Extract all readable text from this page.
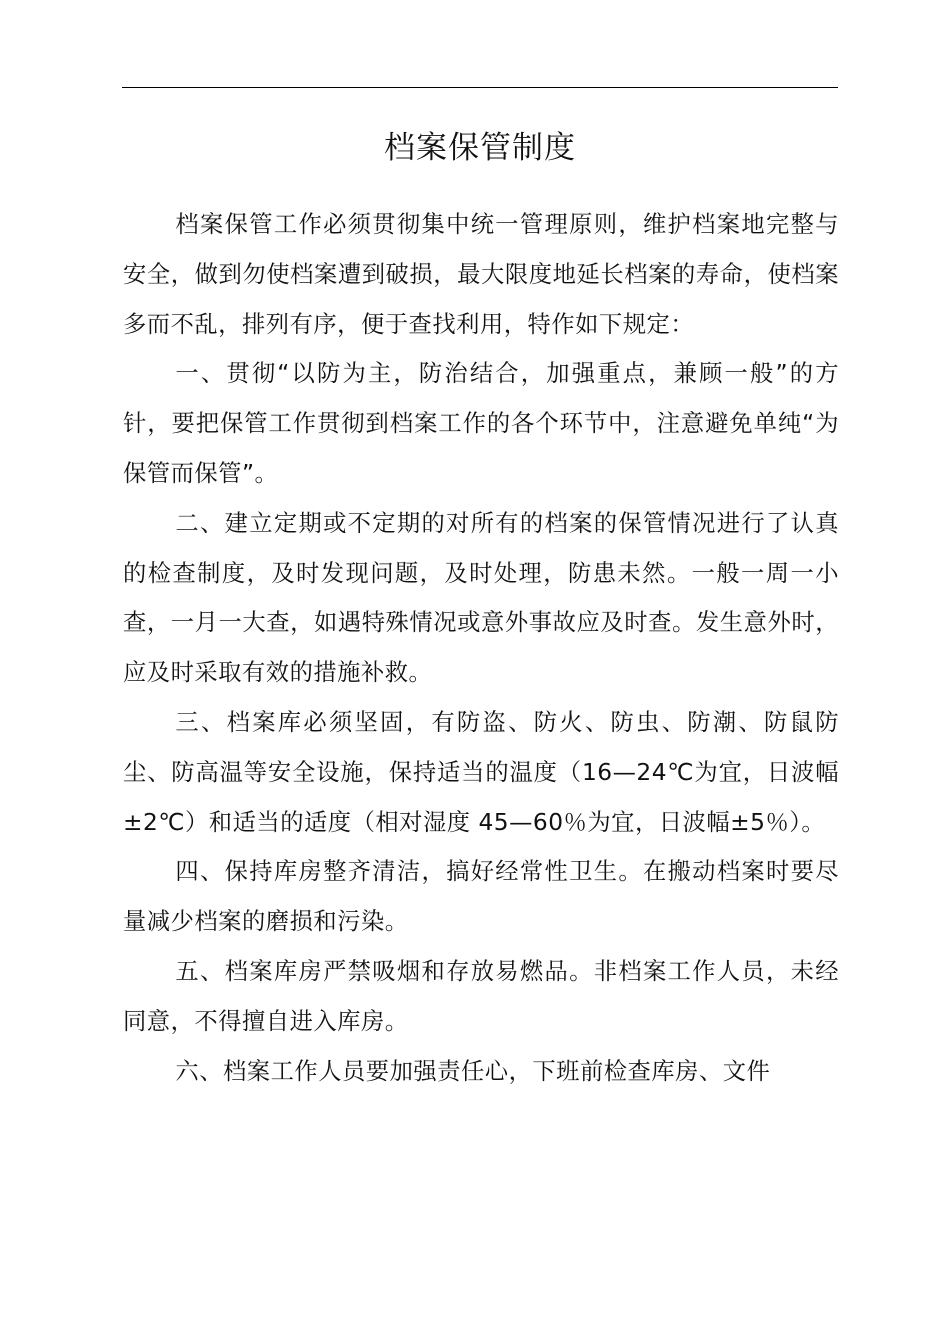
档案保管制度

档案保管工作必须贯彻集中统一管理原则，维护档案地完整与安全，做到勿使档案遭到破损，最大限度地延长档案的寿命，使档案多而不乱，排列有序，便于查找利用，特作如下规定：

一、贯彻“以防为主，防治结合，加强重点，兼顾一般”的方针，要把保管工作贯彻到档案工作的各个环节中，注意避免单纯“为保管而保管”。

二、建立定期或不定期的对所有的档案的保管情况进行了认真的检查制度，及时发现问题，及时处理，防患未然。一般一周一小查，一月一大查，如遇特殊情况或意外事故应及时查。发生意外时，应及时采取有效的措施补救。

三、档案库必须坚固，有防盗、防火、防虫、防潮、防鼠防尘、防高温等安全设施，保持适当的温度（16—24℃为宜，日波幅±2℃）和适当的适度（相对湿度 45—60％为宜，日波幅±5％）。

四、保持库房整齐清洁，搞好经常性卫生。在搬动档案时要尽量减少档案的磨损和污染。

五、档案库房严禁吸烟和存放易燃品。非档案工作人员，未经同意，不得擅自进入库房。

六、档案工作人员要加强责任心，下班前检查库房、文件
